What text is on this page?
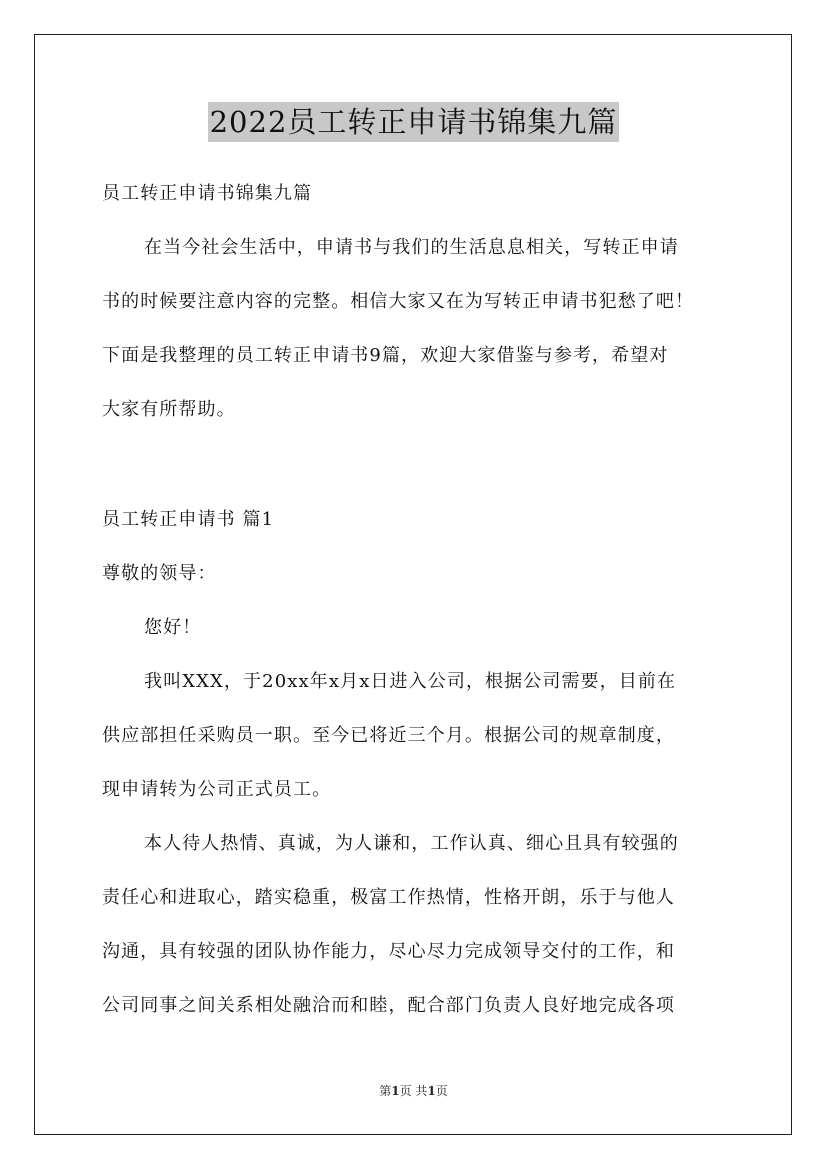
2022员工转正申请书锦集九篇
员工转正申请书锦集九篇
在当今社会生活中，申请书与我们的生活息息相关，写转正申请
书的时候要注意内容的完整。相信大家又在为写转正申请书犯愁了吧！
下面是我整理的员工转正申请书9篇，欢迎大家借鉴与参考，希望对
大家有所帮助。
员工转正申请书 篇1
尊敬的领导：
您好！
我叫XXX，于20xx年x月x日进入公司，根据公司需要，目前在
供应部担任采购员一职。至今已将近三个月。根据公司的规章制度，
现申请转为公司正式员工。
本人待人热情、真诚，为人谦和，工作认真、细心且具有较强的
责任心和进取心，踏实稳重，极富工作热情，性格开朗，乐于与他人
沟通，具有较强的团队协作能力，尽心尽力完成领导交付的工作，和
公司同事之间关系相处融洽而和睦，配合部门负责人良好地完成各项
第1页 共1页
